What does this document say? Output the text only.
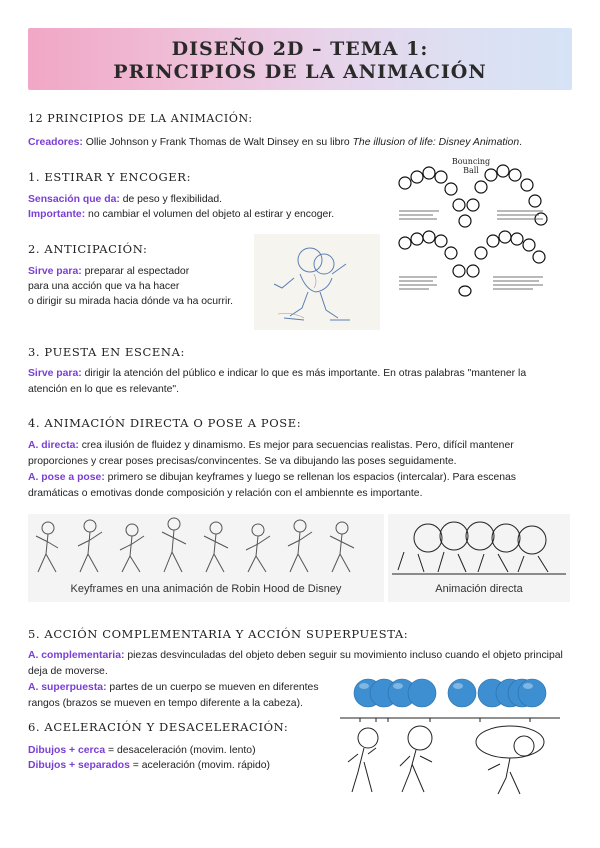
DISEÑO 2D – TEMA 1:
PRINCIPIOS DE LA ANIMACIÓN
12 PRINCIPIOS DE LA ANIMACIÓN:
Creadores: Ollie Johnson y Frank Thomas de Walt Dinsey en su libro The illusion of life: Disney Animation.
1. ESTIRAR Y ENCOGER:
Sensación que da: de peso y flexibilidad.
Importante: no cambiar el volumen del objeto al estirar y encoger.
Bouncing
Ball
2. ANTICIPACIÓN:
Sirve para: preparar al espectador
para una acción que va ha hacer
o dirigir su mirada hacia dónde va ha ocurrir.
3. PUESTA EN ESCENA:
Sirve para: dirigir la atención del público e indicar lo que es más importante. En otras palabras "mantener la atención en lo que es relevante".
4. ANIMACIÓN DIRECTA O POSE A POSE:
A. directa: crea ilusión de fluidez y dinamismo. Es mejor para secuencias realistas. Pero, difícil mantener proporciones y crear poses precisas/convincentes. Se va dibujando las poses seguidamente.
A. pose a pose: primero se dibujan keyframes y luego se rellenan los espacios (intercalar). Para escenas dramáticas o emotivas donde composición y relación con el ambiennte es importante.
Keyframes en una animación de Robin Hood de Disney	Animación directa
5. ACCIÓN COMPLEMENTARIA Y ACCIÓN SUPERPUESTA:
A. complementaria: piezas desvinculadas del objeto deben seguir su movimiento incluso cuando el objeto principal deja de moverse.
A. superpuesta: partes de un cuerpo se mueven en diferentes rangos (brazos se mueven en tempo diferente a la cabeza).
6. ACELERACIÓN Y DESACELERACIÓN:
Dibujos + cerca = desaceleración (movim. lento)
Dibujos + separados = aceleración (movim. rápido)
